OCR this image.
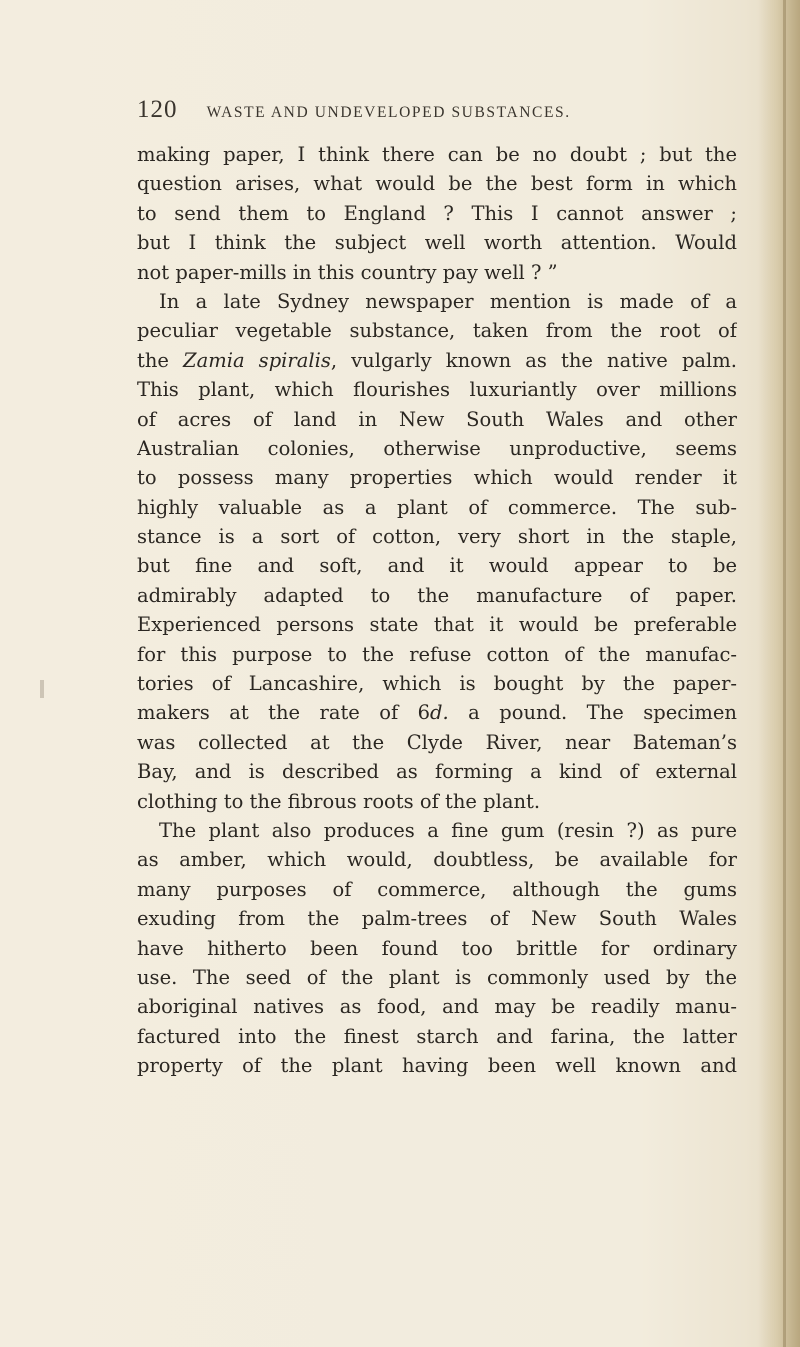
120 WASTE AND UNDEVELOPED SUBSTANCES.
making paper, I think there can be no doubt ; but the
question arises, what would be the best form in which
to send them to England ? This I cannot answer ;
but I think the subject well worth attention. Would
not paper-mills in this country pay well ? ”
In a late Sydney newspaper mention is made of a
peculiar vegetable substance, taken from the root of
the Zamia spiralis, vulgarly known as the native palm.
This plant, which flourishes luxuriantly over millions
of acres of land in New South Wales and other
Australian colonies, otherwise unproductive, seems
to possess many properties which would render it
highly valuable as a plant of commerce. The sub-
stance is a sort of cotton, very short in the staple,
but fine and soft, and it would appear to be
admirably adapted to the manufacture of paper.
Experienced persons state that it would be preferable
for this purpose to the refuse cotton of the manufac-
tories of Lancashire, which is bought by the paper-
makers at the rate of 6d. a pound. The specimen
was collected at the Clyde River, near Bateman’s
Bay, and is described as forming a kind of external
clothing to the fibrous roots of the plant.
The plant also produces a fine gum (resin ?) as pure
as amber, which would, doubtless, be available for
many purposes of commerce, although the gums
exuding from the palm-trees of New South Wales
have hitherto been found too brittle for ordinary
use. The seed of the plant is commonly used by the
aboriginal natives as food, and may be readily manu-
factured into the finest starch and farina, the latter
property of the plant having been well known and
